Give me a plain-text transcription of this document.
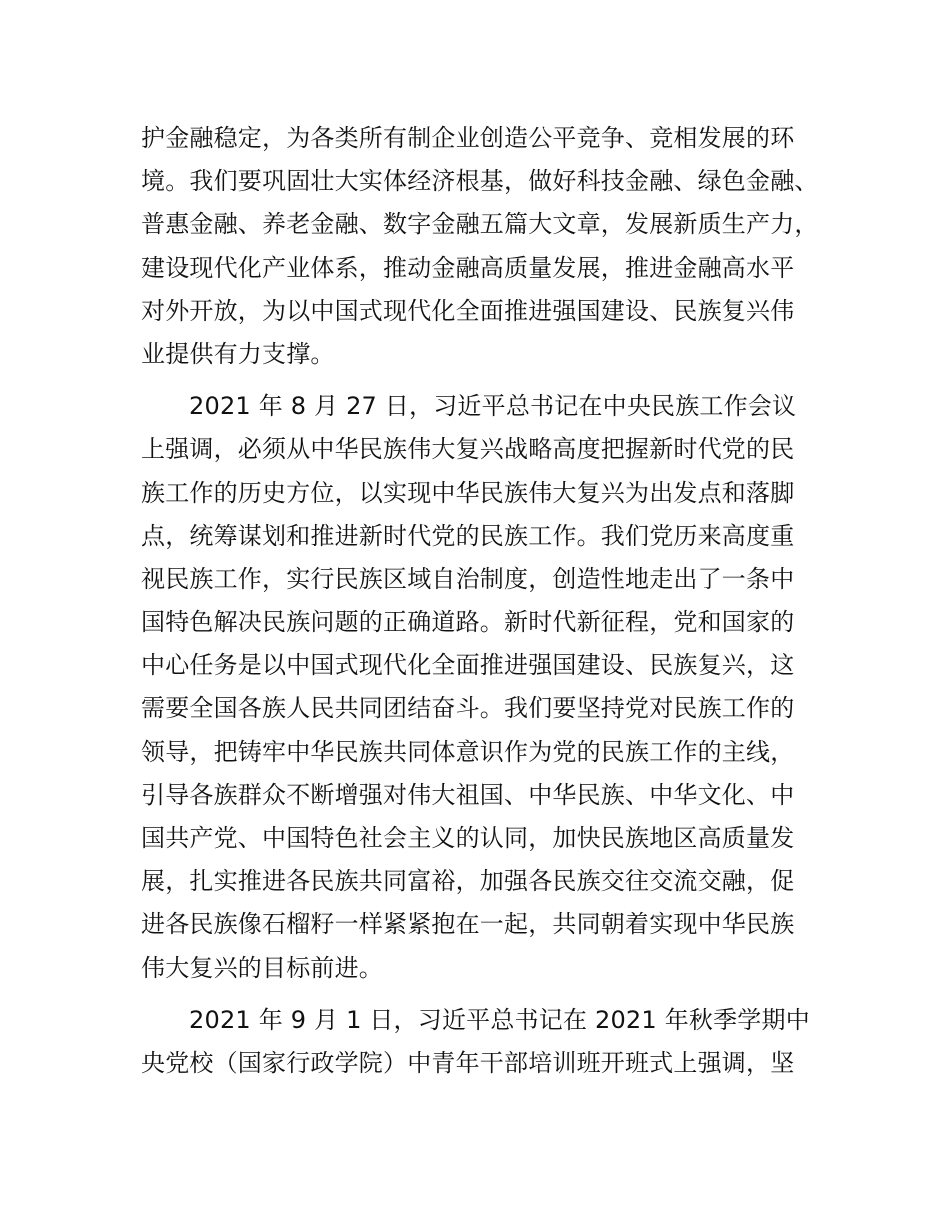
护金融稳定，为各类所有制企业创造公平竞争、竞相发展的环
境。我们要巩固壮大实体经济根基，做好科技金融、绿色金融、
普惠金融、养老金融、数字金融五篇大文章，发展新质生产力，
建设现代化产业体系，推动金融高质量发展，推进金融高水平
对外开放，为以中国式现代化全面推进强国建设、民族复兴伟
业提供有力支撑。
2021 年 8 月 27 日，习近平总书记在中央民族工作会议
上强调，必须从中华民族伟大复兴战略高度把握新时代党的民
族工作的历史方位，以实现中华民族伟大复兴为出发点和落脚
点，统筹谋划和推进新时代党的民族工作。我们党历来高度重
视民族工作，实行民族区域自治制度，创造性地走出了一条中
国特色解决民族问题的正确道路。新时代新征程，党和国家的
中心任务是以中国式现代化全面推进强国建设、民族复兴，这
需要全国各族人民共同团结奋斗。我们要坚持党对民族工作的
领导，把铸牢中华民族共同体意识作为党的民族工作的主线，
引导各族群众不断增强对伟大祖国、中华民族、中华文化、中
国共产党、中国特色社会主义的认同，加快民族地区高质量发
展，扎实推进各民族共同富裕，加强各民族交往交流交融，促
进各民族像石榴籽一样紧紧抱在一起，共同朝着实现中华民族
伟大复兴的目标前进。
2021 年 9 月 1 日，习近平总书记在 2021 年秋季学期中
央党校（国家行政学院）中青年干部培训班开班式上强调，坚
